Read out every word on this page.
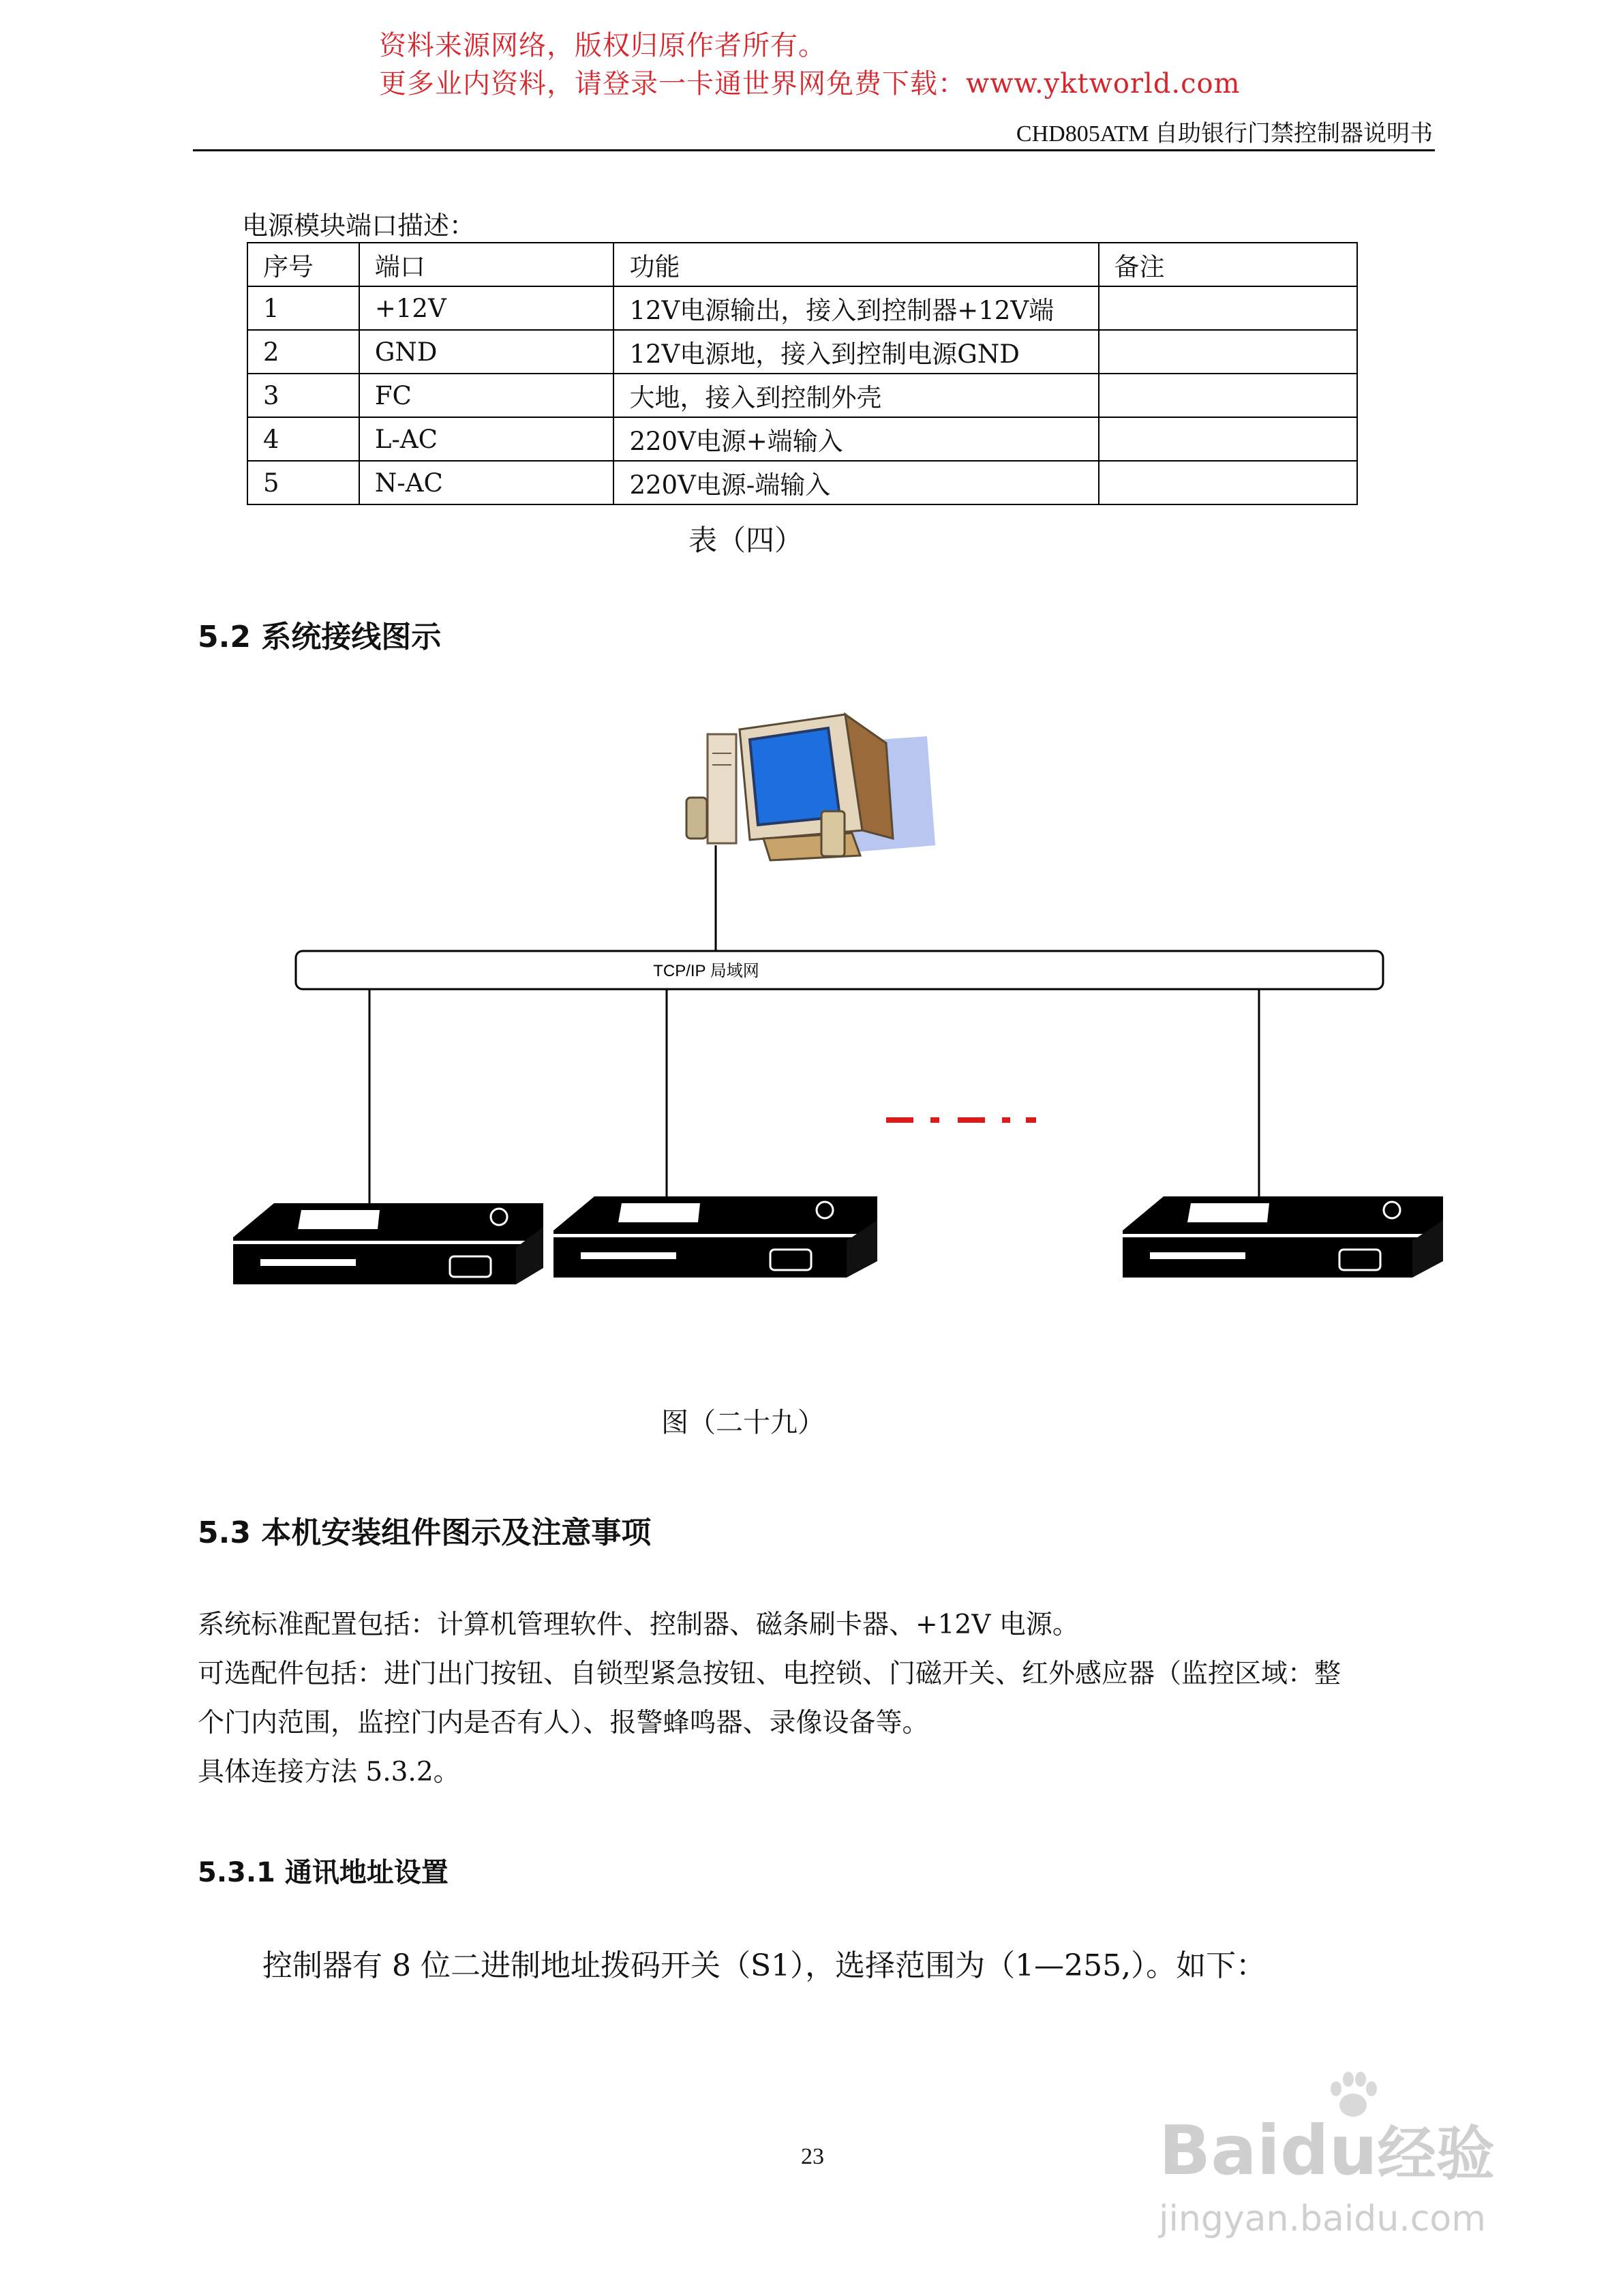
资料来源网络，版权归原作者所有。
更多业内资料，请登录一卡通世界网免费下载：www.yktworld.com
CHD805ATM 自助银行门禁控制器说明书
电源模块端口描述：
序号	端口	功能	备注
1	+12V	12V电源输出，接入到控制器+12V端	
2	GND	12V电源地，接入到控制电源GND	
3	FC	大地，接入到控制外壳	
4	L-AC	220V电源+端输入	
5	N-AC	220V电源-端输入	
表（四）
5.2 系统接线图示
TCP/IP 局域网
图（二十九）
5.3 本机安装组件图示及注意事项
系统标准配置包括：计算机管理软件、控制器、磁条刷卡器、+12V 电源。
可选配件包括：进门出门按钮、自锁型紧急按钮、电控锁、门磁开关、红外感应器（监控区域：整
个门内范围，监控门内是否有人）、报警蜂鸣器、录像设备等。
具体连接方法 5.3.2。
5.3.1 通讯地址设置
控制器有 8 位二进制地址拨码开关（S1），选择范围为（1—255,）。如下：
23	Baidu经验
jingyan.baidu.com
